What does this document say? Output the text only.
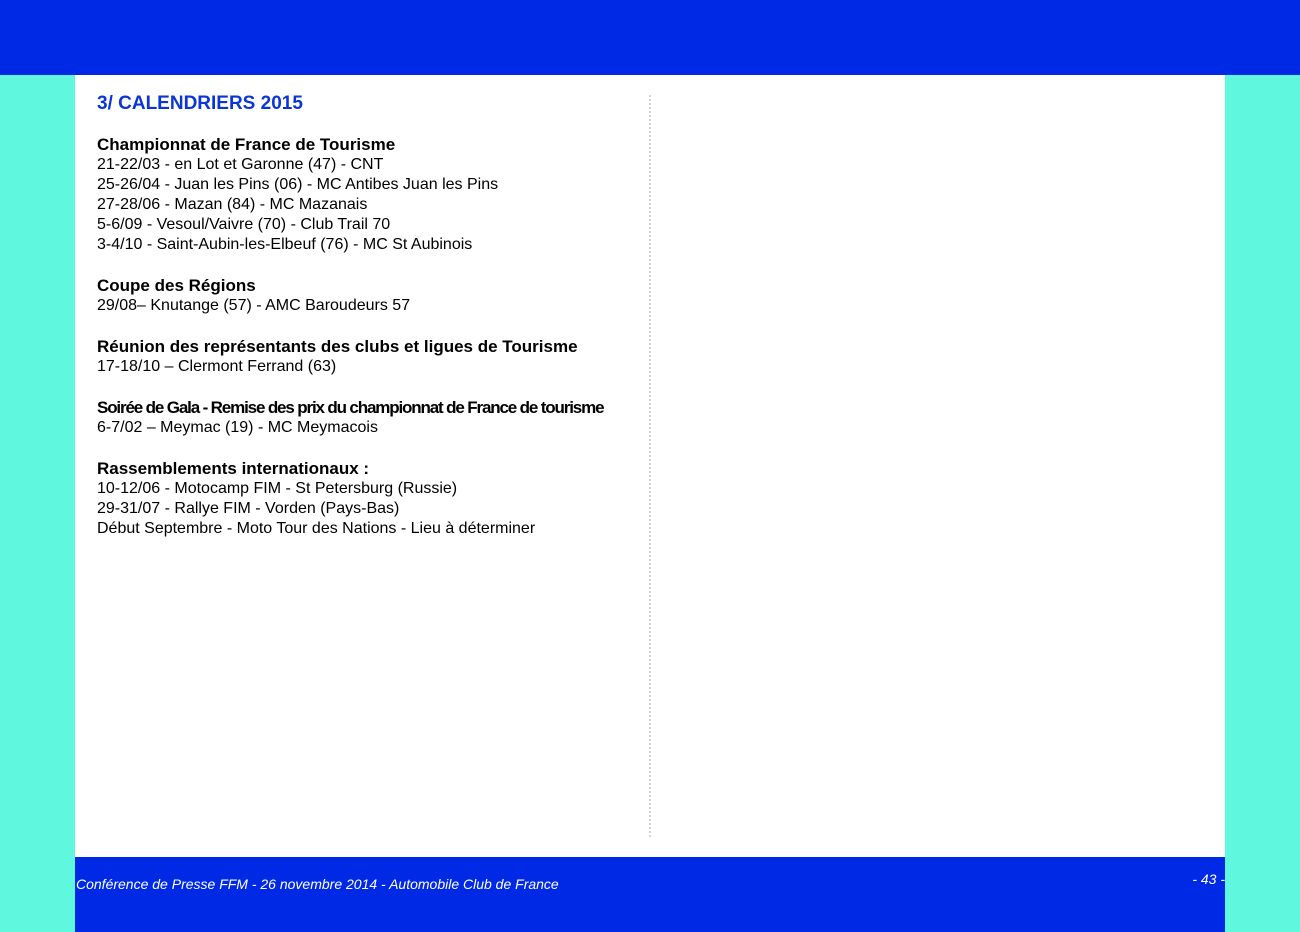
3/ CALENDRIERS 2015
Championnat de France de Tourisme
21-22/03 - en Lot et Garonne (47) - CNT
25-26/04 - Juan les Pins (06) - MC Antibes Juan les Pins
27-28/06 - Mazan (84) - MC Mazanais
5-6/09 - Vesoul/Vaivre (70) - Club Trail 70
3-4/10 - Saint-Aubin-les-Elbeuf (76) - MC St Aubinois
Coupe des Régions
29/08– Knutange (57) - AMC Baroudeurs 57
Réunion des représentants des clubs et ligues de Tourisme
17-18/10 – Clermont Ferrand (63)
Soirée de Gala - Remise des prix du championnat de France de tourisme
6-7/02 – Meymac (19) - MC Meymacois
Rassemblements internationaux :
10-12/06 - Motocamp FIM - St Petersburg (Russie)
29-31/07 - Rallye FIM - Vorden (Pays-Bas)
Début Septembre - Moto Tour des Nations - Lieu à déterminer
Conférence de Presse FFM - 26 novembre 2014 - Automobile Club de France	- 43 -
